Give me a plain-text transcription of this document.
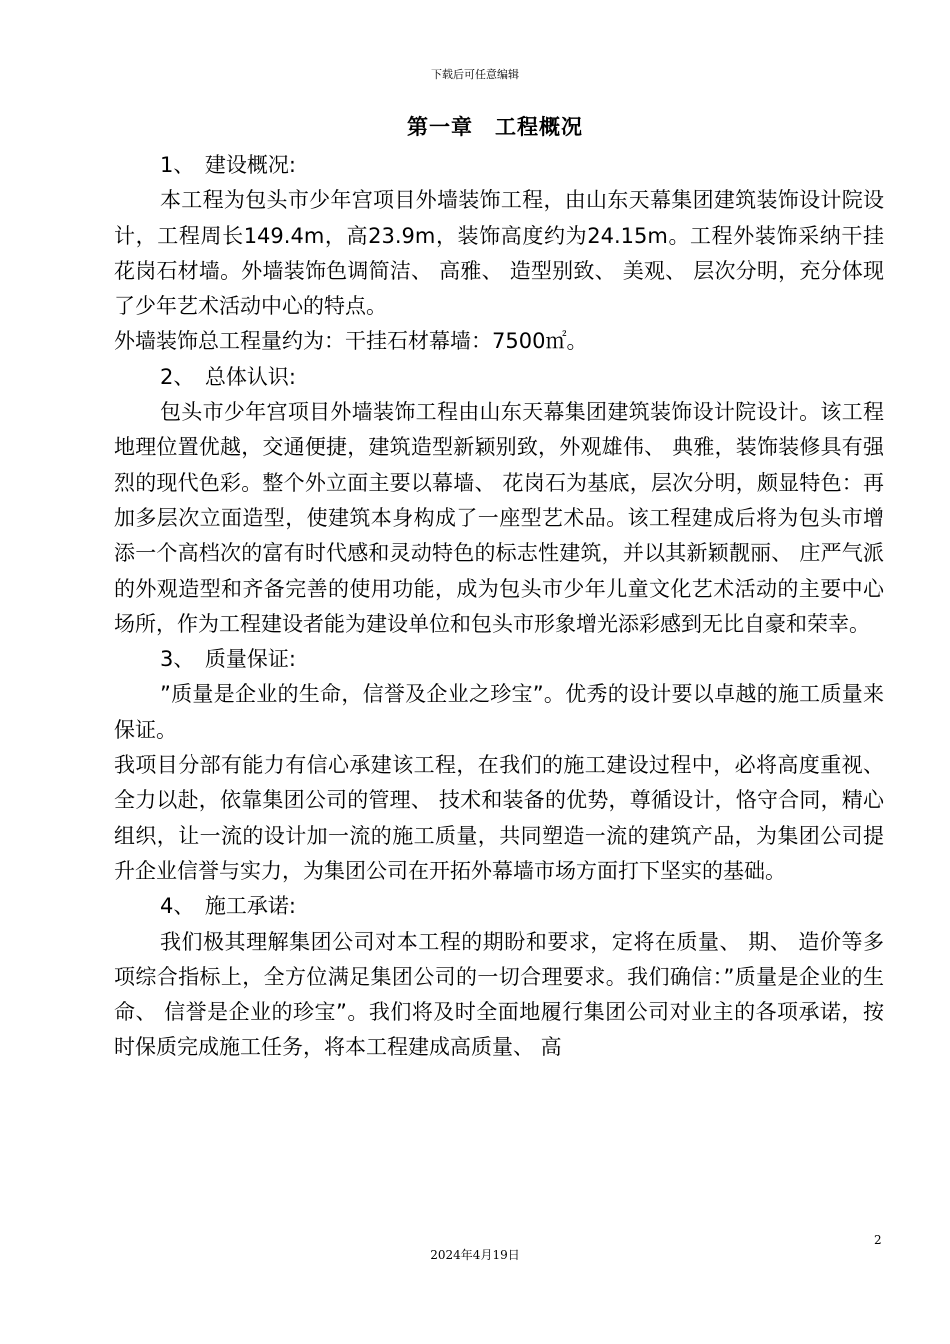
下载后可任意编辑
第一章　工程概况

1、　建设概况:

本工程为包头市少年宫项目外墙装饰工程，由山东天幕集团建筑装饰设计院设计，工程周长149.4m，高23.9m，装饰高度约为24.15m。工程外装饰采纳干挂花岗石材墙。外墙装饰色调简洁、 高雅、 造型别致、 美观、 层次分明，充分体现了少年艺术活动中心的特点。

外墙装饰总工程量约为：干挂石材幕墙：7500㎡。

2、　总体认识:

包头市少年宫项目外墙装饰工程由山东天幕集团建筑装饰设计院设计。该工程地理位置优越，交通便捷，建筑造型新颖别致，外观雄伟、 典雅，装饰装修具有强烈的现代色彩。整个外立面主要以幕墙、 花岗石为基底，层次分明，颇显特色：再加多层次立面造型，使建筑本身构成了一座型艺术品。该工程建成后将为包头市增添一个高档次的富有时代感和灵动特色的标志性建筑，并以其新颖靓丽、 庄严气派的外观造型和齐备完善的使用功能，成为包头市少年儿童文化艺术活动的主要中心场所，作为工程建设者能为建设单位和包头市形象增光添彩感到无比自豪和荣幸。

3、　质量保证:

”质量是企业的生命，信誉及企业之珍宝”。优秀的设计要以卓越的施工质量来保证。

我项目分部有能力有信心承建该工程，在我们的施工建设过程中，必将高度重视、 全力以赴，依靠集团公司的管理、 技术和装备的优势，尊循设计，恪守合同，精心组织，让一流的设计加一流的施工质量，共同塑造一流的建筑产品，为集团公司提升企业信誉与实力，为集团公司在开拓外幕墙市场方面打下坚实的基础。

4、　施工承诺:

我们极其理解集团公司对本工程的期盼和要求，定将在质量、 期、 造价等多项综合指标上，全方位满足集团公司的一切合理要求。我们确信：”质量是企业的生命、 信誉是企业的珍宝”。我们将及时全面地履行集团公司对业主的各项承诺，按时保质完成施工任务，将本工程建成高质量、 高

2
2024年4月19日
